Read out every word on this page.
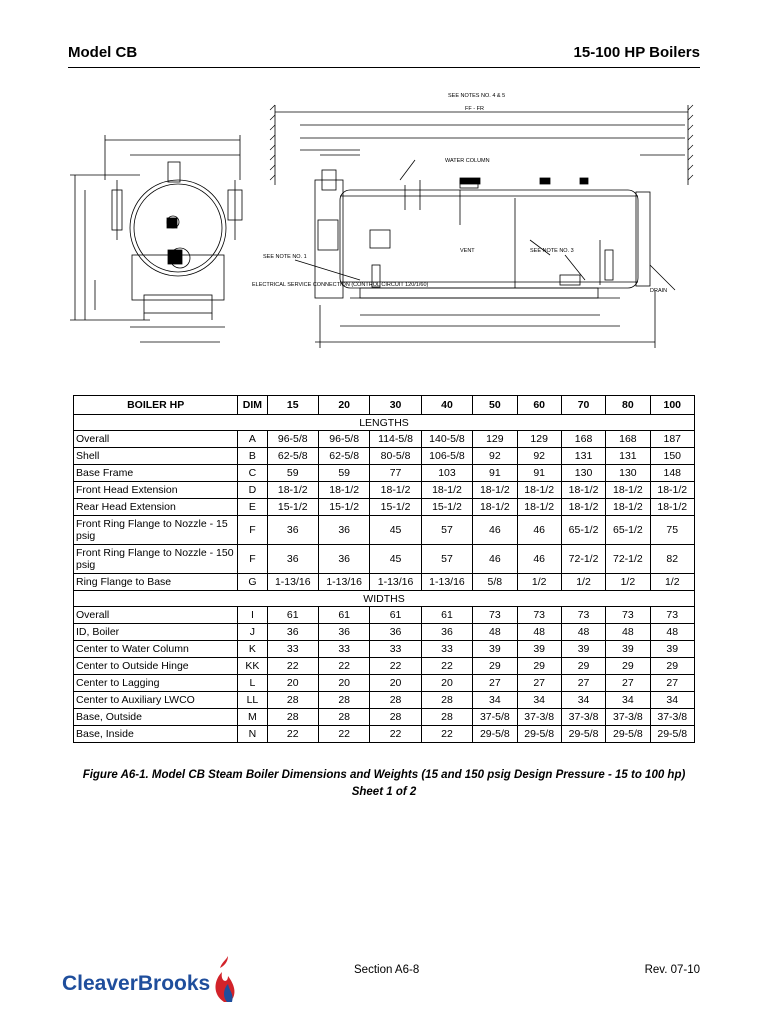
Model CB	15-100 HP Boilers
SEE NOTES NO. 4 & 5
FF - FR
WATER COLUMN
SEE NOTE NO. 1
SEE NOTE NO. 3
VENT
ELECTRICAL SERVICE CONNECTION (CONTROL CIRCUIT 120/1/60)
DRAIN
BOILER HP	DIM	15	20	30	40	50	60	70	80	100
LENGTHS										
Overall	A	96-5/8	96-5/8	114-5/8	140-5/8	129	129	168	168	187
Shell	B	62-5/8	62-5/8	80-5/8	106-5/8	92	92	131	131	150
Base Frame	C	59	59	77	103	91	91	130	130	148
Front Head Extension	D	18-1/2	18-1/2	18-1/2	18-1/2	18-1/2	18-1/2	18-1/2	18-1/2	18-1/2
Rear Head Extension	E	15-1/2	15-1/2	15-1/2	15-1/2	18-1/2	18-1/2	18-1/2	18-1/2	18-1/2
Front Ring Flange to Nozzle - 15 psig	F	36	36	45	57	46	46	65-1/2	65-1/2	75
Front Ring Flange to Nozzle - 150 psig	F	36	36	45	57	46	46	72-1/2	72-1/2	82
Ring Flange to Base	G	1-13/16	1-13/16	1-13/16	1-13/16	5/8	1/2	1/2	1/2	1/2
WIDTHS										
Overall	I	61	61	61	61	73	73	73	73	73
ID, Boiler	J	36	36	36	36	48	48	48	48	48
Center to Water Column	K	33	33	33	33	39	39	39	39	39
Center to Outside Hinge	KK	22	22	22	22	29	29	29	29	29
Center to Lagging	L	20	20	20	20	27	27	27	27	27
Center to Auxiliary LWCO	LL	28	28	28	28	34	34	34	34	34
Base, Outside	M	28	28	28	28	37-5/8	37-3/8	37-3/8	37-3/8	37-3/8
Base, Inside	N	22	22	22	22	29-5/8	29-5/8	29-5/8	29-5/8	29-5/8
Figure A6-1. Model CB Steam Boiler Dimensions and Weights (15 and 150 psig Design Pressure - 15 to 100 hp) Sheet 1 of 2
CleaverBrooks
Section A6-8	Rev. 07-10
